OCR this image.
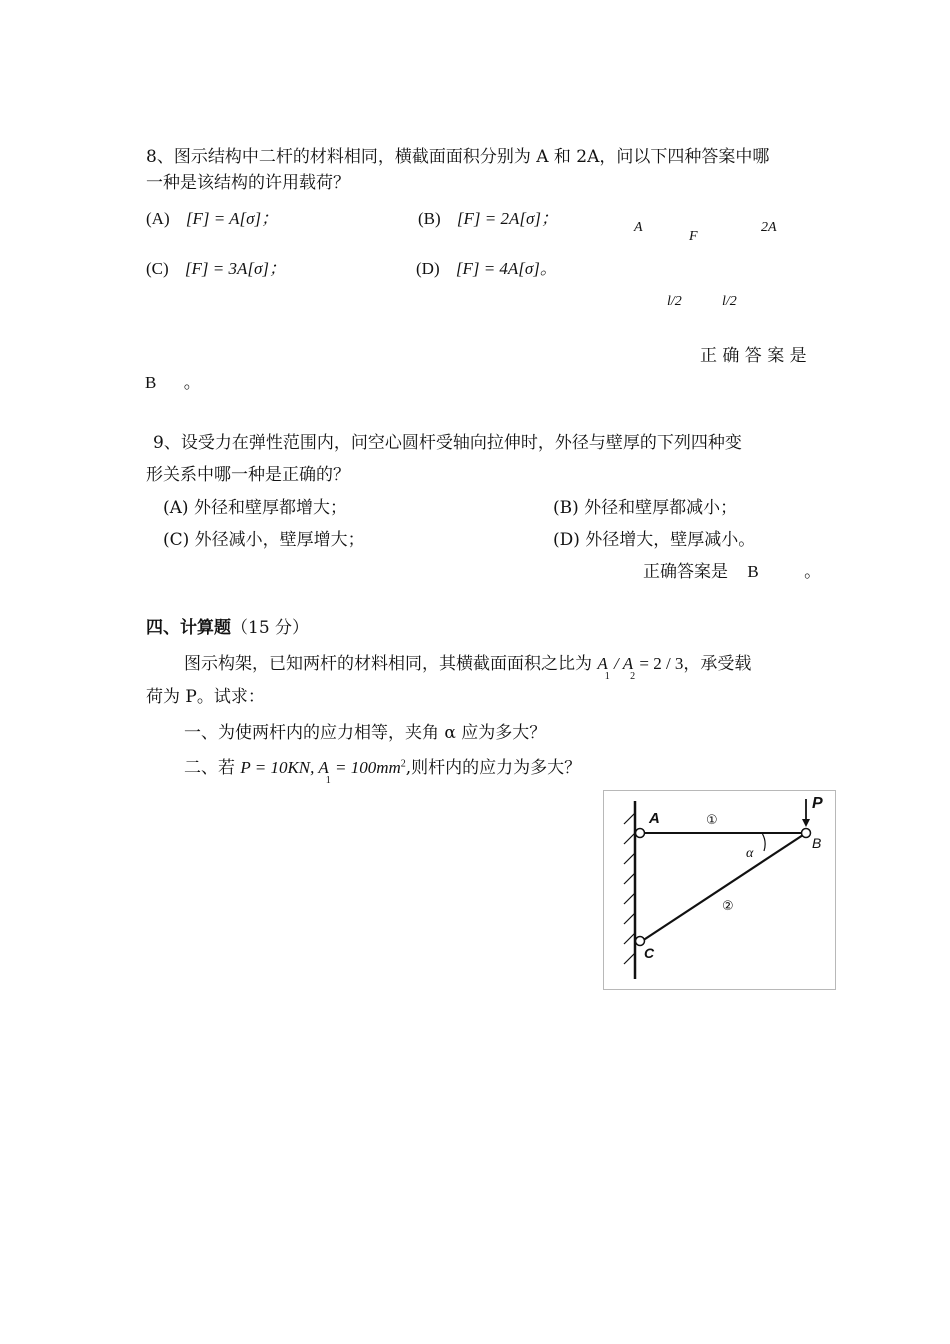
8、图示结构中二杆的材料相同，横截面面积分别为 A 和 2A，问以下四种答案中哪
一种是该结构的许用载荷？
(A) [F] = A[σ]；	(B) [F] = 2A[σ]；
(C) [F] = 3A[σ]；	(D) [F] = 4A[σ]。
A
F
2A
l/2	l/2
正 确 答 案 是
B 。
9、设受力在弹性范围内，问空心圆杆受轴向拉伸时，外径与壁厚的下列四种变
形关系中哪一种是正确的？
(A) 外径和壁厚都增大；	(B) 外径和壁厚都减小；
(C) 外径减小，壁厚增大；	(D) 外径增大，壁厚减小。
正确答案是 B	。
四、计算题（15 分）
图示构架，已知两杆的材料相同，其横截面面积之比为 $A_1 / A_2 = 2 / 3$，承受载
荷为 P。试求：
一、为使两杆内的应力相等，夹角 α 应为多大？
二、若 P = 10KN, $A_1 = 100mm^2$,则杆内的应力为多大？
A
B
C
P
α
①
②
